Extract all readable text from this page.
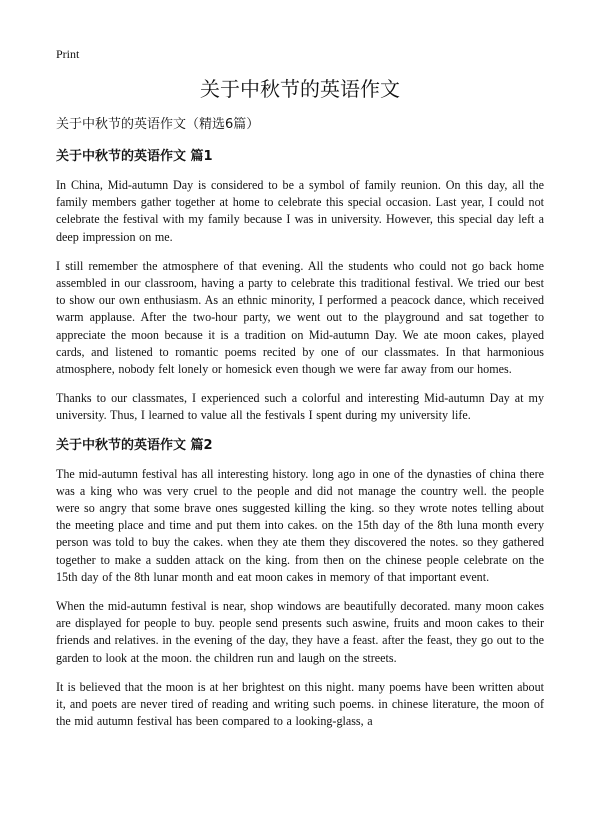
Print
关于中秋节的英语作文
关于中秋节的英语作文（精选6篇）
关于中秋节的英语作文 篇1

In China, Mid-autumn Day is considered to be a symbol of family reunion. On this day, all the family members gather together at home to celebrate this special occasion. Last year, I could not celebrate the festival with my family because I was in university. However, this special day left a deep impression on me.

I still remember the atmosphere of that evening. All the students who could not go back home assembled in our classroom, having a party to celebrate this traditional festival. We tried our best to show our own enthusiasm. As an ethnic minority, I performed a peacock dance, which received warm applause. After the two-hour party, we went out to the playground and sat together to appreciate the moon because it is a tradition on Mid-autumn Day. We ate moon cakes, played cards, and listened to romantic poems recited by one of our classmates. In that harmonious atmosphere, nobody felt lonely or homesick even though we were far away from our homes.

Thanks to our classmates, I experienced such a colorful and interesting Mid-autumn Day at my university. Thus, I learned to value all the festivals I spent during my university life.

关于中秋节的英语作文 篇2

The mid-autumn festival has all interesting history. long ago in one of the dynasties of china there was a king who was very cruel to the people and did not manage the country well. the people were so angry that some brave ones suggested killing the king. so they wrote notes telling about the meeting place and time and put them into cakes. on the 15th day of the 8th luna month every person was told to buy the cakes. when they ate them they discovered the notes. so they gathered together to make a sudden attack on the king. from then on the chinese people celebrate on the 15th day of the 8th lunar month and eat moon cakes in memory of that important event.

When the mid-autumn festival is near, shop windows are beautifully decorated. many moon cakes are displayed for people to buy. people send presents such aswine, fruits and moon cakes to their friends and relatives. in the evening of the day, they have a feast. after the feast, they go out to the garden to look at the moon. the children run and laugh on the streets.

It is believed that the moon is at her brightest on this night. many poems have been written about it, and poets are never tired of reading and writing such poems. in chinese literature, the moon of the mid autumn festival has been compared to a looking-glass, a
